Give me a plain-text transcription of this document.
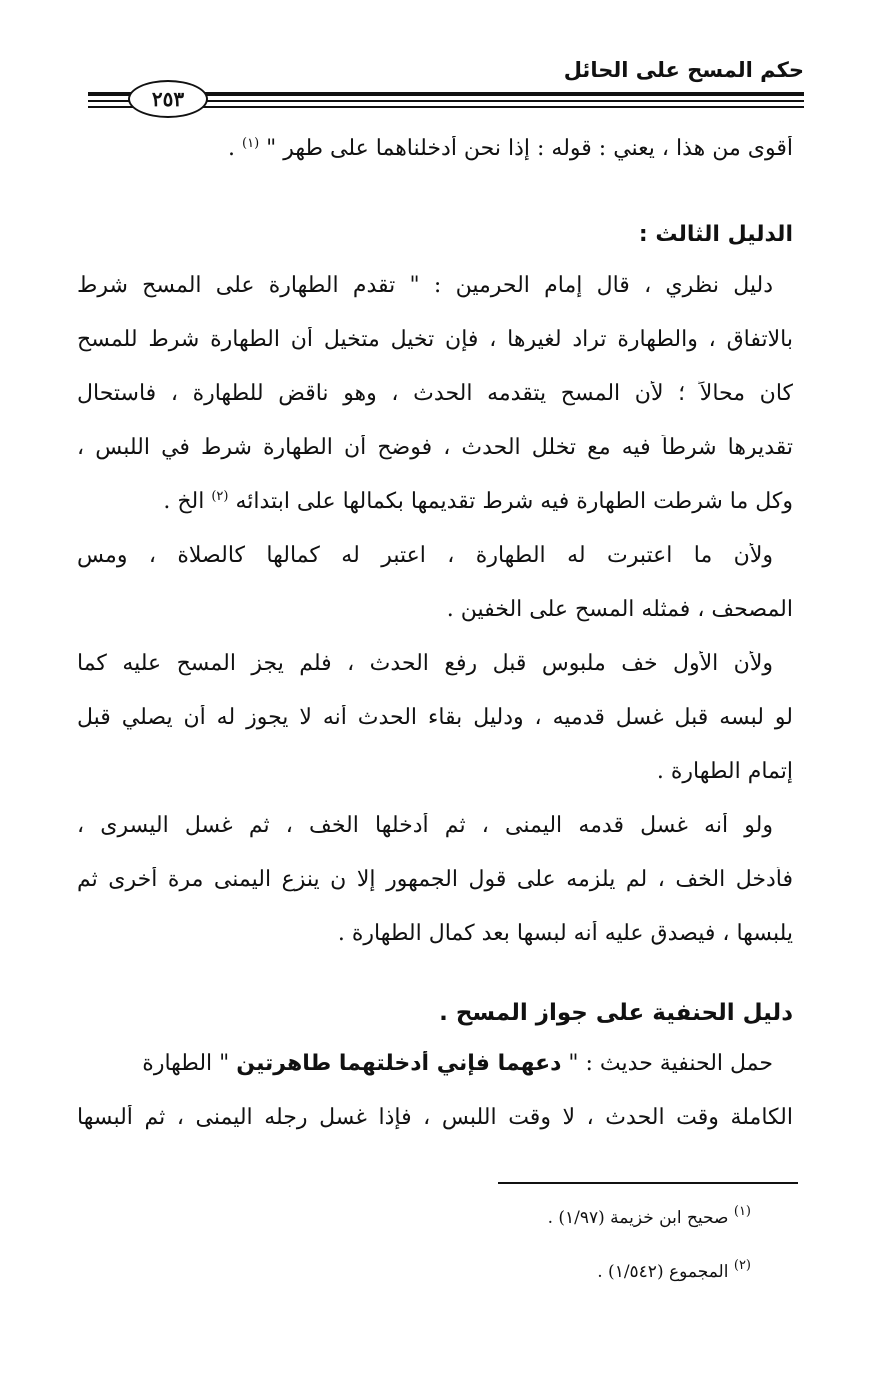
حكم المسح على الحائل
٢٥٣
أقوى من هذا ، يعني : قوله : إذا نحن أدخلناهما على طهر " $^{(١)}$ .
الدليل الثالث :
دليل نظري ، قال إمام الحرمين : " تقدم الطهارة على المسح شرط
بالاتفاق ، والطهارة تراد لغيرها ، فإن تخيل متخيل أن الطهارة شرط للمسح
كان محالاً ؛ لأن المسح يتقدمه الحدث ، وهو ناقض للطهارة ، فاستحال
تقديرها شرطاً فيه مع تخلل الحدث ، فوضح أن الطهارة شرط في اللبس ،
وكل ما شرطت الطهارة فيه شرط تقديمها بكمالها على ابتدائه $^{(٢)}$ الخ .
ولأن ما اعتبرت له الطهارة ، اعتبر له كمالها كالصلاة ، ومس
المصحف ، فمثله المسح على الخفين .
ولأن الأول خف ملبوس قبل رفع الحدث ، فلم يجز المسح عليه كما
لو لبسه قبل غسل قدميه ، ودليل بقاء الحدث أنه لا يجوز له أن يصلي قبل
إتمام الطهارة .
ولو أنه غسل قدمه اليمنى ، ثم أدخلها الخف ، ثم غسل اليسرى ،
فأدخل الخف ، لم يلزمه على قول الجمهور إلا ن ينزع اليمنى مرة أخرى ثم
يلبسها ، فيصدق عليه أنه لبسها بعد كمال الطهارة .
دليل الحنفية على جواز المسح .
حمل الحنفية حديث : " دعهما فإني أدخلتهما طاهرتين " الطهارة
الكاملة وقت الحدث ، لا وقت اللبس ، فإذا غسل رجله اليمنى ، ثم ألبسها
$^{(١)}$ صحيح ابن خزيمة (١/٩٧) .
$^{(٢)}$ المجموع (١/٥٤٢) .
